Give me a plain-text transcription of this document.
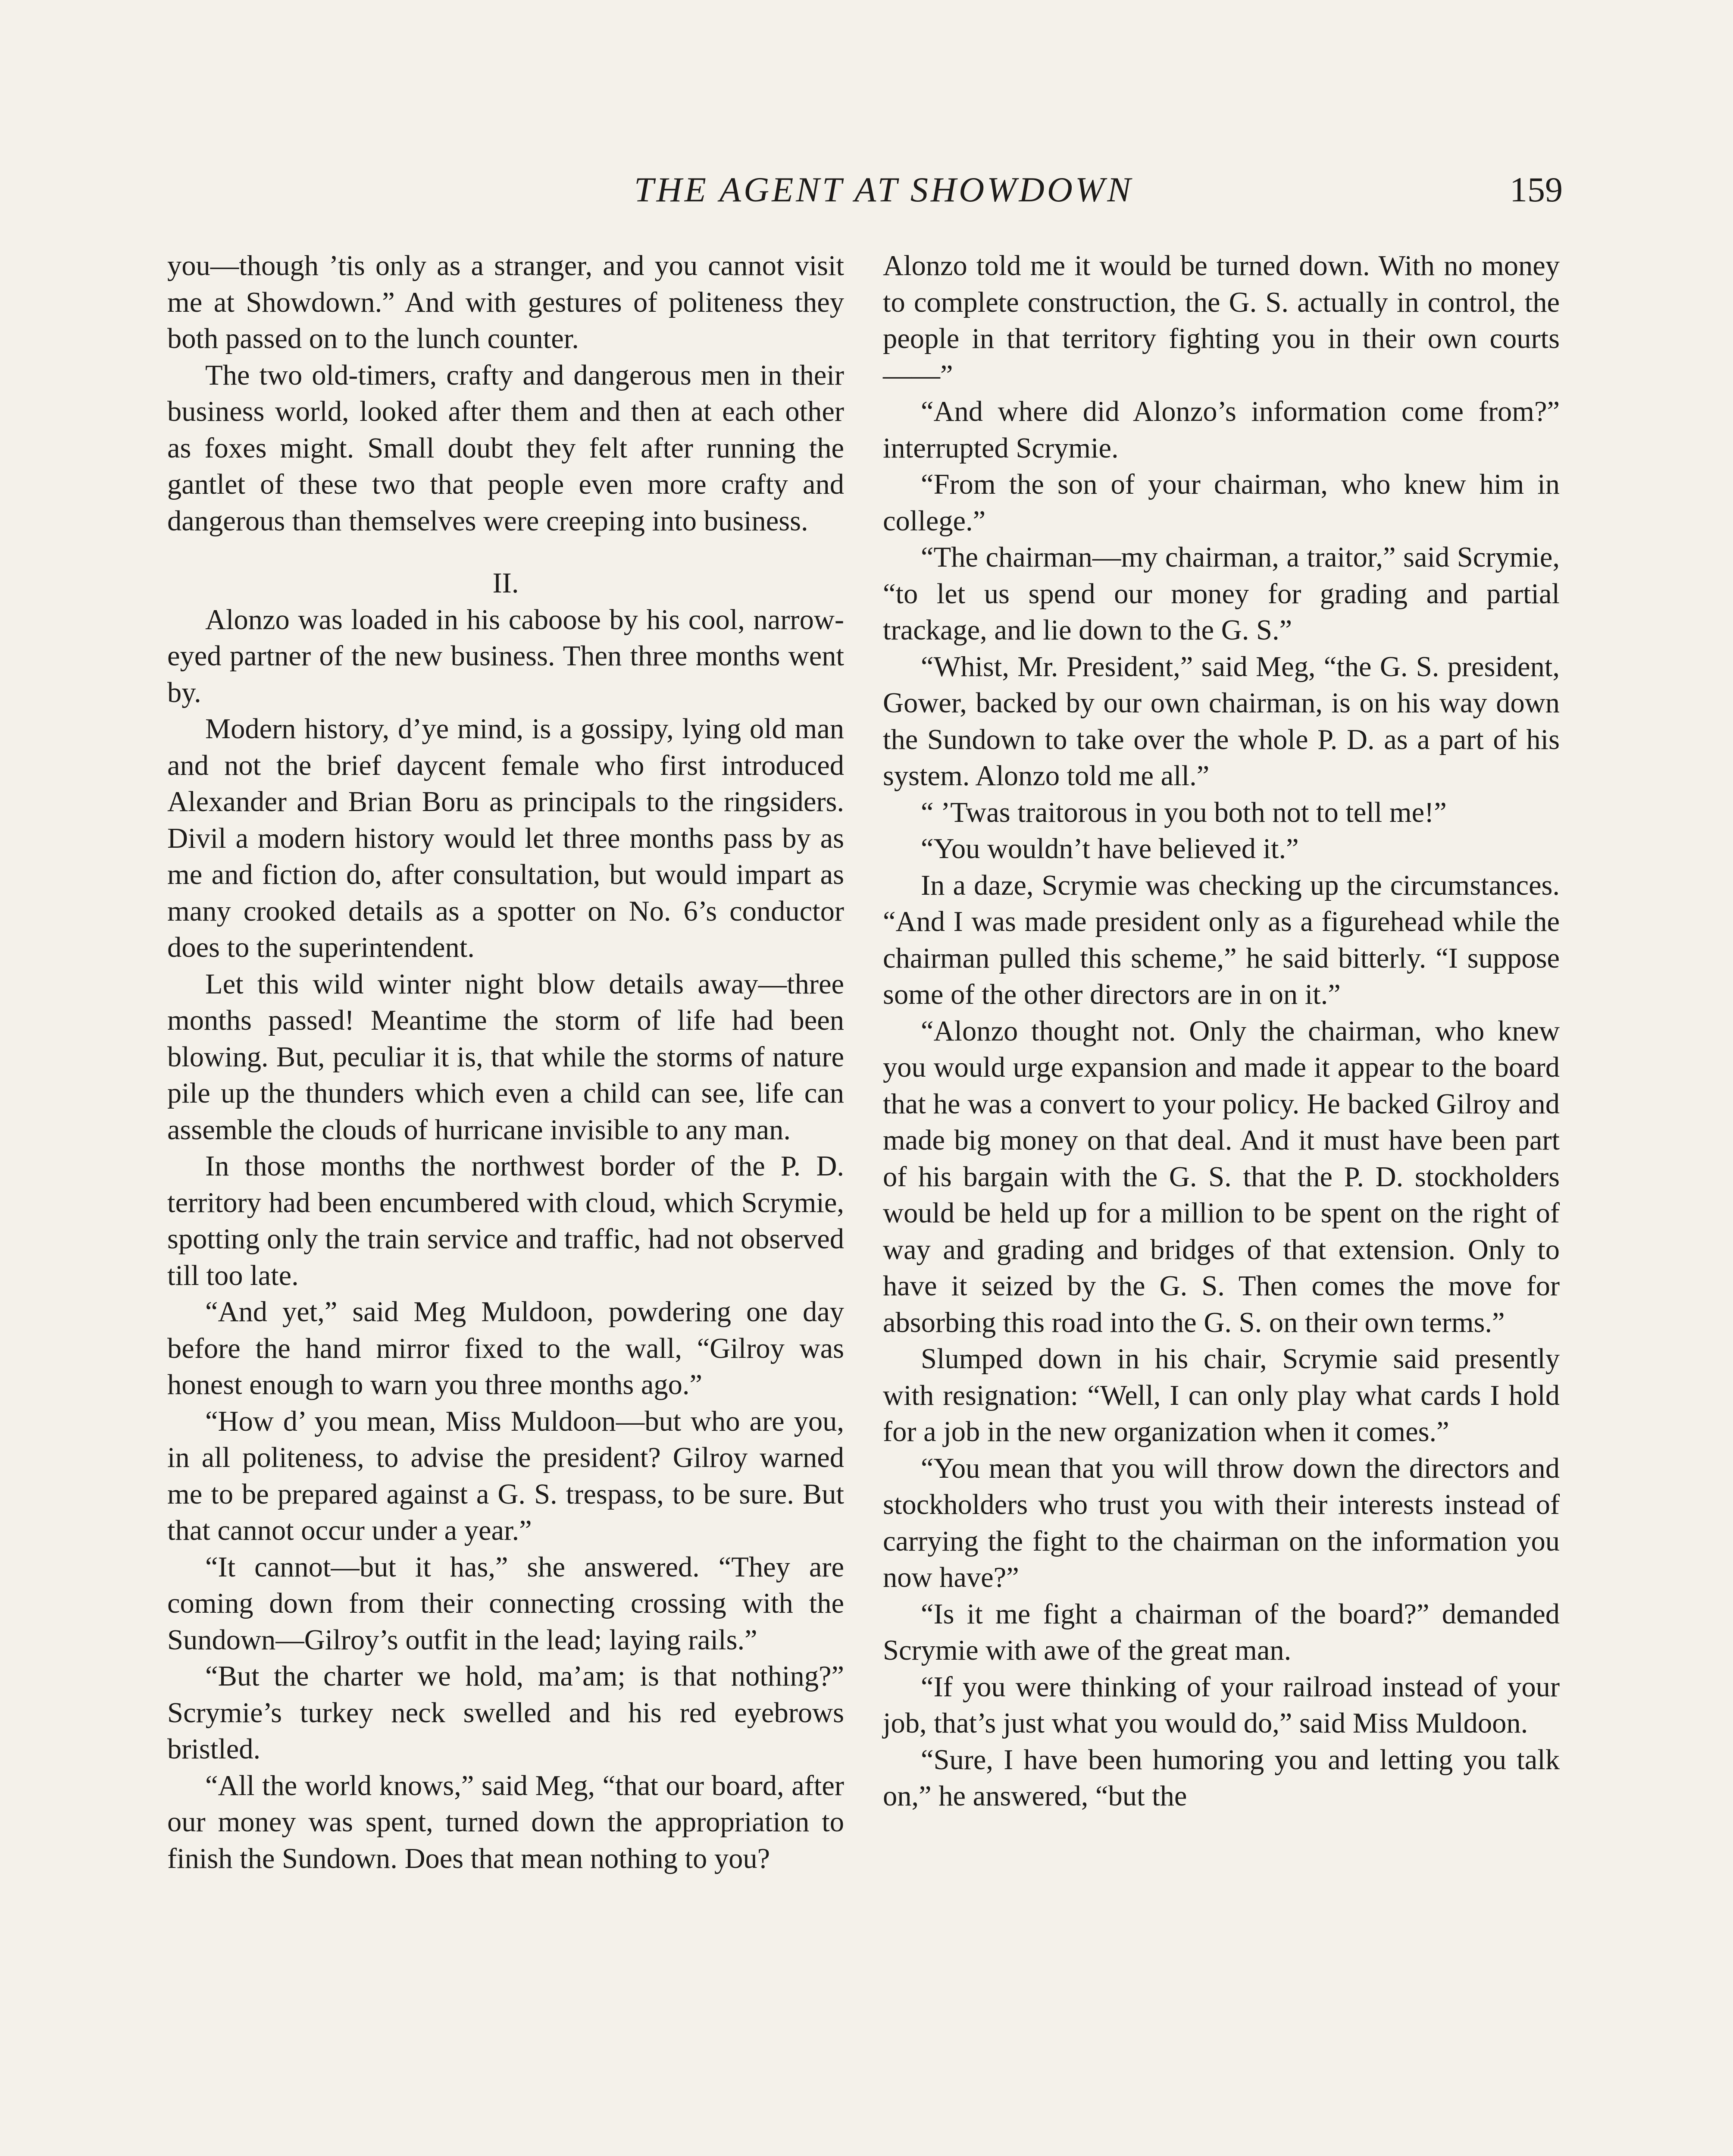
THE AGENT AT SHOWDOWN	159

you—though ’tis only as a stranger, and you cannot visit me at Showdown.” And with gestures of politeness they both passed on to the lunch counter.

The two old-timers, crafty and dangerous men in their business world, looked after them and then at each other as foxes might. Small doubt they felt after running the gantlet of these two that people even more crafty and dangerous than themselves were creeping into business.

II.

Alonzo was loaded in his caboose by his cool, narrow-eyed partner of the new business. Then three months went by.

Modern history, d’ye mind, is a gossipy, lying old man and not the brief daycent female who first introduced Alexander and Brian Boru as principals to the ringsiders. Divil a modern history would let three months pass by as me and fiction do, after consultation, but would impart as many crooked details as a spotter on No. 6’s conductor does to the superintendent.

Let this wild winter night blow details away—three months passed! Meantime the storm of life had been blowing. But, peculiar it is, that while the storms of nature pile up the thunders which even a child can see, life can assemble the clouds of hurricane invisible to any man.

In those months the northwest border of the P. D. territory had been encumbered with cloud, which Scrymie, spotting only the train service and traffic, had not observed till too late.

“And yet,” said Meg Muldoon, powdering one day before the hand mirror fixed to the wall, “Gilroy was honest enough to warn you three months ago.”

“How d’ you mean, Miss Muldoon—but who are you, in all politeness, to advise the president? Gilroy warned me to be prepared against a G. S. trespass, to be sure. But that cannot occur under a year.”

“It cannot—but it has,” she answered. “They are coming down from their connecting crossing with the Sundown—Gilroy’s outfit in the lead; laying rails.”

“But the charter we hold, ma’am; is that nothing?” Scrymie’s turkey neck swelled and his red eyebrows bristled.

“All the world knows,” said Meg, “that our board, after our money was spent, turned down the appropriation to finish the Sundown. Does that mean nothing to you?

Alonzo told me it would be turned down. With no money to complete construction, the G. S. actually in control, the people in that territory fighting you in their own courts——”

“And where did Alonzo’s information come from?” interrupted Scrymie.

“From the son of your chairman, who knew him in college.”

“The chairman—my chairman, a traitor,” said Scrymie, “to let us spend our money for grading and partial trackage, and lie down to the G. S.”

“Whist, Mr. President,” said Meg, “the G. S. president, Gower, backed by our own chairman, is on his way down the Sundown to take over the whole P. D. as a part of his system. Alonzo told me all.”

“ ’Twas traitorous in you both not to tell me!”

“You wouldn’t have believed it.”

In a daze, Scrymie was checking up the circumstances. “And I was made president only as a figurehead while the chairman pulled this scheme,” he said bitterly. “I suppose some of the other directors are in on it.”

“Alonzo thought not. Only the chairman, who knew you would urge expansion and made it appear to the board that he was a convert to your policy. He backed Gilroy and made big money on that deal. And it must have been part of his bargain with the G. S. that the P. D. stockholders would be held up for a million to be spent on the right of way and grading and bridges of that extension. Only to have it seized by the G. S. Then comes the move for absorbing this road into the G. S. on their own terms.”

Slumped down in his chair, Scrymie said presently with resignation: “Well, I can only play what cards I hold for a job in the new organization when it comes.”

“You mean that you will throw down the directors and stockholders who trust you with their interests instead of carrying the fight to the chairman on the information you now have?”

“Is it me fight a chairman of the board?” demanded Scrymie with awe of the great man.

“If you were thinking of your railroad instead of your job, that’s just what you would do,” said Miss Muldoon.

“Sure, I have been humoring you and letting you talk on,” he answered, “but the
